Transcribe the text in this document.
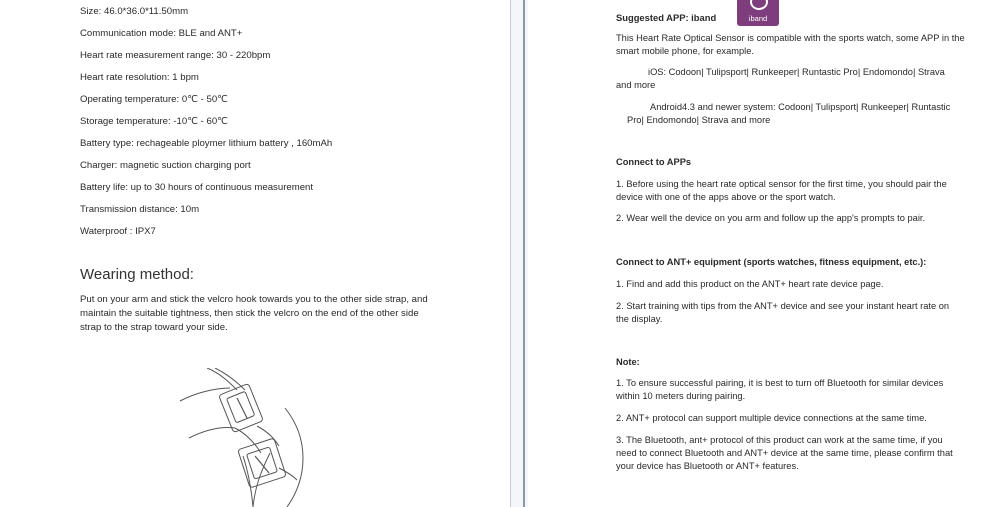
Size: 46.0*36.0*11.50mm
Communication mode: BLE and ANT+
Heart rate measurement range: 30 - 220bpm
Heart rate resolution: 1 bpm
Operating temperature: 0℃ - 50℃
Storage temperature: -10℃ - 60℃
Battery type: rechageable ploymer lithium battery , 160mAh
Charger: magnetic suction charging port
Battery life: up to 30 hours of continuous measurement
Transmission distance: 10m
Waterproof : IPX7
Wearing method:
Put on your arm and stick the velcro hook towards you to the other side strap, and
maintain the suitable tightness, then stick the velcro on the end of the other side
strap to the strap toward your side.
iband
Suggested APP: iband
This Heart Rate Optical Sensor is compatible with the sports watch, some APP in the
smart mobile phone, for example.
iOS: Codoon| Tulipsport| Runkeeper| Runtastic Pro| Endomondo| Strava
and more
Android4.3 and newer system: Codoon| Tulipsport| Runkeeper| Runtastic
Pro| Endomondo| Strava and more
Connect to APPs
1. Before using the heart rate optical sensor for the first time, you should pair the
device with one of the apps above or the sport watch.
2. Wear well the device on you arm and follow up the app's prompts to pair.
Connect to ANT+ equipment (sports watches, fitness equipment, etc.):
1. Find and add this product on the ANT+ heart rate device page.
2. Start training with tips from the ANT+ device and see your instant heart rate on
the display.
Note:
1. To ensure successful pairing, it is best to turn off Bluetooth for similar devices
within 10 meters during pairing.
2. ANT+ protocol can support multiple device connections at the same time.
3. The Bluetooth, ant+ protocol of this product can work at the same time, if you
need to connect Bluetooth and ANT+ device at the same time, please confirm that
your device has Bluetooth or ANT+ features.
